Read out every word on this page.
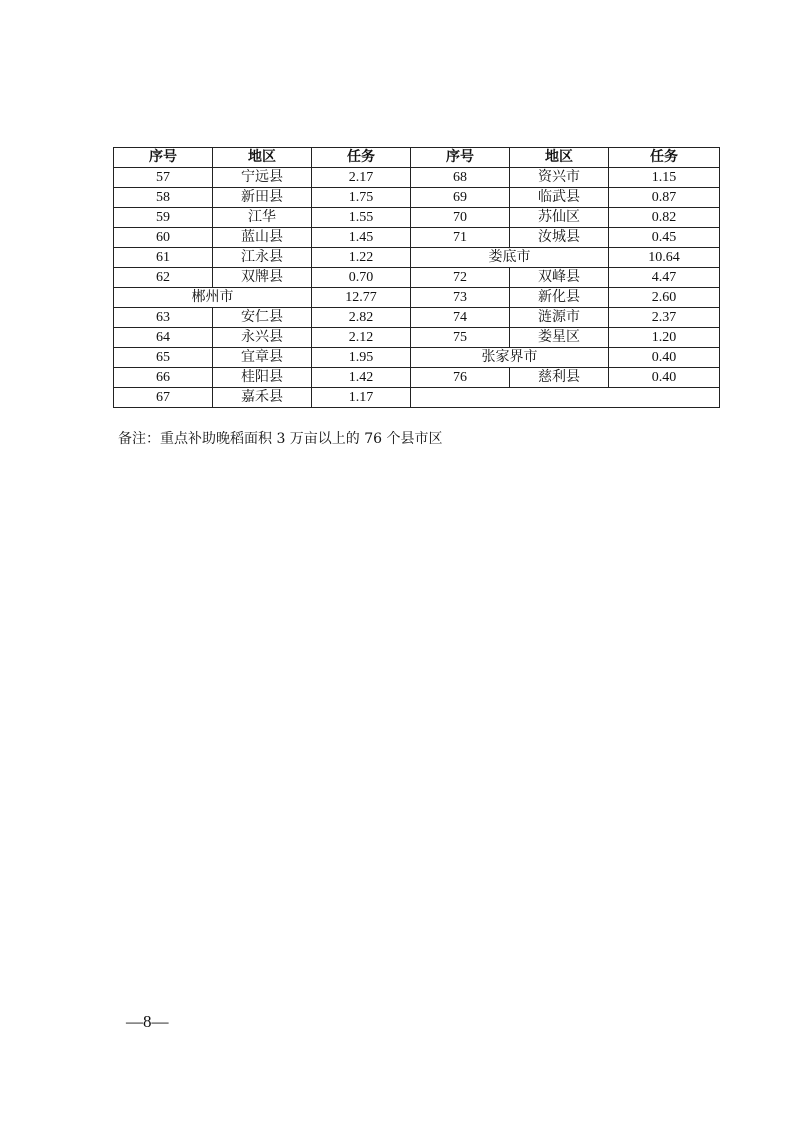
序号	地区	任务	序号	地区	任务
57	宁远县	2.17	68	资兴市	1.15
58	新田县	1.75	69	临武县	0.87
59	江华	1.55	70	苏仙区	0.82
60	蓝山县	1.45	71	汝城县	0.45
61	江永县	1.22	娄底市		10.64
62	双牌县	0.70	72	双峰县	4.47
郴州市		12.77	73	新化县	2.60
63	安仁县	2.82	74	涟源市	2.37
64	永兴县	2.12	75	娄星区	1.20
65	宜章县	1.95	张家界市		0.40
66	桂阳县	1.42	76	慈利县	0.40
67	嘉禾县	1.17			
备注：重点补助晚稻面积 3 万亩以上的 76 个县市区
—8—
